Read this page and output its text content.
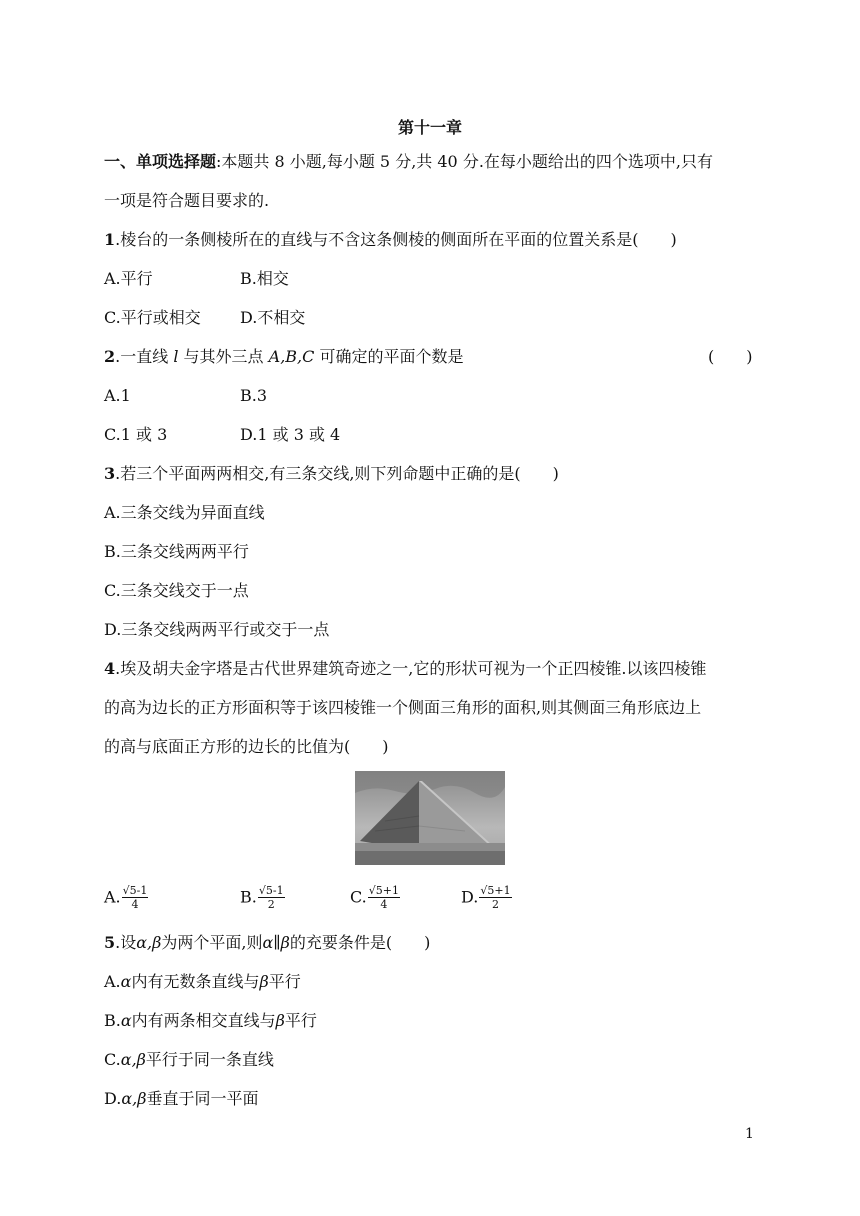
第十一章
一、单项选择题:本题共 8 小题,每小题 5 分,共 40 分.在每小题给出的四个选项中,只有
一项是符合题目要求的.
1.棱台的一条侧棱所在的直线与不含这条侧棱的侧面所在平面的位置关系是(　　)
A.平行	B.相交
C.平行或相交 D.不相交
2.一直线 l 与其外三点 A,B,C 可确定的平面个数是	(　　)
A.1	B.3
C.1 或 3	D.1 或 3 或 4
3.若三个平面两两相交,有三条交线,则下列命题中正确的是(　　)
A.三条交线为异面直线
B.三条交线两两平行
C.三条交线交于一点
D.三条交线两两平行或交于一点
4.埃及胡夫金字塔是古代世界建筑奇迹之一,它的形状可视为一个正四棱锥.以该四棱锥
的高为边长的正方形面积等于该四棱锥一个侧面三角形的面积,则其侧面三角形底边上
的高与底面正方形的边长的比值为(　　)
A. $\frac{√5-1}{4}$	B. $\frac{√5-1}{2}$	C. $\frac{√5+1}{4}$	D. $\frac{√5+1}{2}$
5.设α,β为两个平面,则α∥β的充要条件是(　　)
A.α内有无数条直线与β平行
B.α内有两条相交直线与β平行
C.α,β平行于同一条直线
D.α,β垂直于同一平面
1
